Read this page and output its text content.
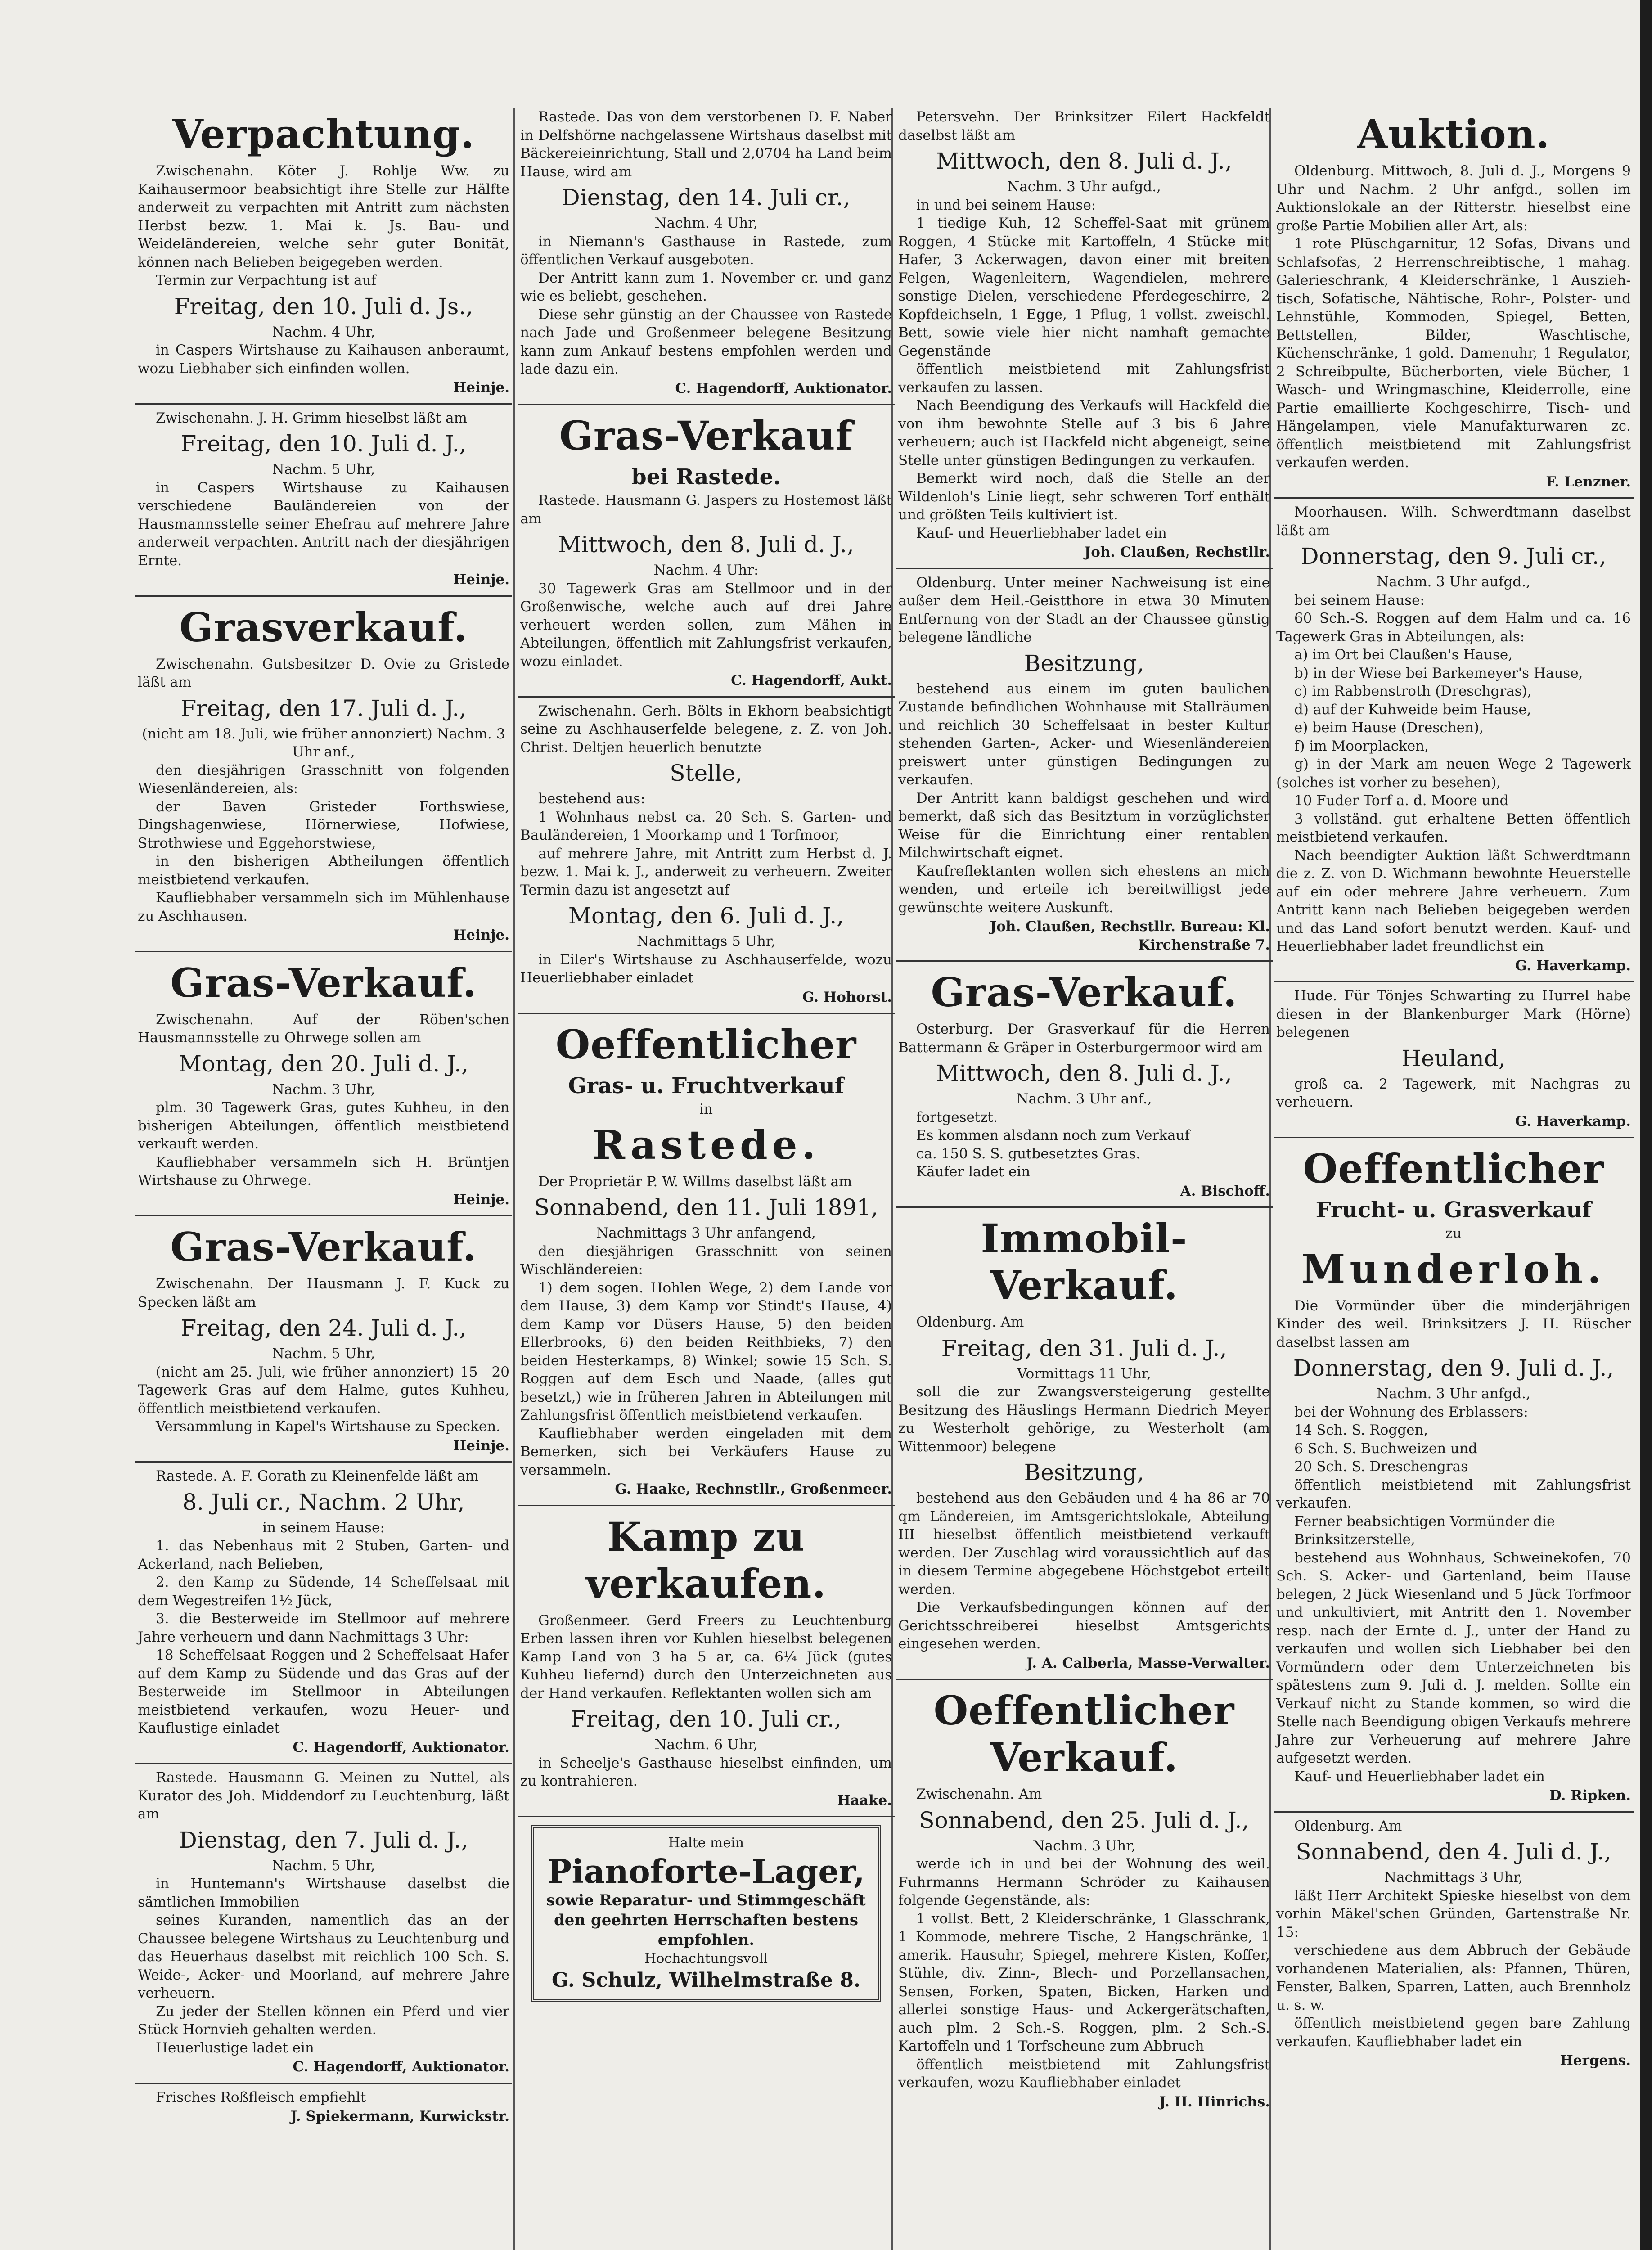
Verpachtung.

Zwischenahn. Köter J. Rohlje Ww. zu Kaihausermoor beabsichtigt ihre Stelle zur Hälfte anderweit zu verpachten mit Antritt zum nächsten Herbst bezw. 1. Mai k. Js. Bau- und Weideländereien, welche sehr guter Bonität, können nach Belieben beigegeben werden.

Termin zur Verpachtung ist auf

Freitag, den 10. Juli d. Js.,
Nachm. 4 Uhr,

in Caspers Wirtshause zu Kaihausen anberaumt, wozu Liebhaber sich einfinden wollen.

Heinje.

Zwischenahn. J. H. Grimm hieselbst läßt am

Freitag, den 10. Juli d. J.,
Nachm. 5 Uhr,

in Caspers Wirtshause zu Kaihausen verschiedene Bauländereien von der Hausmannsstelle seiner Ehefrau auf mehrere Jahre anderweit verpachten. Antritt nach der diesjährigen Ernte.

Heinje.
Grasverkauf.

Zwischenahn. Gutsbesitzer D. Ovie zu Gristede läßt am

Freitag, den 17. Juli d. J.,
(nicht am 18. Juli, wie früher annonziert) Nachm. 3 Uhr anf.,

den diesjährigen Grasschnitt von folgenden Wiesenländereien, als:

der Baven Gristeder Forthswiese, Dingshagenwiese, Hörnerwiese, Hofwiese, Strothwiese und Eggehorstwiese,

in den bisherigen Abtheilungen öffentlich meistbietend verkaufen.

Kaufliebhaber versammeln sich im Mühlenhause zu Aschhausen.

Heinje.
Gras-Verkauf.

Zwischenahn. Auf der Röben'schen Hausmannsstelle zu Ohrwege sollen am

Montag, den 20. Juli d. J.,
Nachm. 3 Uhr,

plm. 30 Tagewerk Gras, gutes Kuhheu, in den bisherigen Abteilungen, öffentlich meistbietend verkauft werden.

Kaufliebhaber versammeln sich H. Brüntjen Wirtshause zu Ohrwege.

Heinje.
Gras-Verkauf.

Zwischenahn. Der Hausmann J. F. Kuck zu Specken läßt am

Freitag, den 24. Juli d. J.,
Nachm. 5 Uhr,

(nicht am 25. Juli, wie früher annonziert) 15—20 Tagewerk Gras auf dem Halme, gutes Kuhheu, öffentlich meistbietend verkaufen.

Versammlung in Kapel's Wirtshause zu Specken.

Heinje.

Rastede. A. F. Gorath zu Kleinenfelde läßt am

8. Juli cr., Nachm. 2 Uhr,
in seinem Hause:

1. das Nebenhaus mit 2 Stuben, Garten- und Ackerland, nach Belieben,

2. den Kamp zu Südende, 14 Scheffelsaat mit dem Wegestreifen 1½ Jück,

3. die Besterweide im Stellmoor auf mehrere Jahre verheuern und dann Nachmittags 3 Uhr:

18 Scheffelsaat Roggen und 2 Scheffelsaat Hafer auf dem Kamp zu Südende und das Gras auf der Besterweide im Stellmoor in Abteilungen meistbietend verkaufen, wozu Heuer- und Kauflustige einladet

C. Hagendorff, Auktionator.

Rastede. Hausmann G. Meinen zu Nuttel, als Kurator des Joh. Middendorf zu Leuchtenburg, läßt am

Dienstag, den 7. Juli d. J.,
Nachm. 5 Uhr,

in Huntemann's Wirtshause daselbst die sämtlichen Immobilien

seines Kuranden, namentlich das an der Chaussee belegene Wirtshaus zu Leuchtenburg und das Heuerhaus daselbst mit reichlich 100 Sch. S. Weide-, Acker- und Moorland, auf mehrere Jahre verheuern.

Zu jeder der Stellen können ein Pferd und vier Stück Hornvieh gehalten werden.

Heuerlustige ladet ein

C. Hagendorff, Auktionator.

Frisches Roßfleisch empfiehlt

J. Spiekermann, Kurwickstr.

Rastede. Das von dem verstorbenen D. F. Naber in Delfshörne nachgelassene Wirtshaus daselbst mit Bäckereieinrichtung, Stall und 2,0704 ha Land beim Hause, wird am

Dienstag, den 14. Juli cr.,
Nachm. 4 Uhr,

in Niemann's Gasthause in Rastede, zum öffentlichen Verkauf ausgeboten.

Der Antritt kann zum 1. November cr. und ganz wie es beliebt, geschehen.

Diese sehr günstig an der Chaussee von Rastede nach Jade und Großenmeer belegene Besitzung kann zum Ankauf bestens empfohlen werden und lade dazu ein.

C. Hagendorff, Auktionator.
Gras-Verkauf
bei Rastede.

Rastede. Hausmann G. Jaspers zu Hostemost läßt am

Mittwoch, den 8. Juli d. J.,
Nachm. 4 Uhr:

30 Tagewerk Gras am Stellmoor und in der Großenwische, welche auch auf drei Jahre verheuert werden sollen, zum Mähen in Abteilungen, öffentlich mit Zahlungsfrist verkaufen, wozu einladet.

C. Hagendorff, Aukt.

Zwischenahn. Gerh. Bölts in Ekhorn beabsichtigt seine zu Aschhauserfelde belegene, z. Z. von Joh. Christ. Deltjen heuerlich benutzte

Stelle,

bestehend aus:

1 Wohnhaus nebst ca. 20 Sch. S. Garten- und Bauländereien, 1 Moorkamp und 1 Torfmoor,

auf mehrere Jahre, mit Antritt zum Herbst d. J. bezw. 1. Mai k. J., anderweit zu verheuern. Zweiter Termin dazu ist angesetzt auf

Montag, den 6. Juli d. J.,
Nachmittags 5 Uhr,

in Eiler's Wirtshause zu Aschhauserfelde, wozu Heuerliebhaber einladet

G. Hohorst.
Oeffentlicher
Gras- u. Fruchtverkauf
in
Rastede.

Der Proprietär P. W. Willms daselbst läßt am

Sonnabend, den 11. Juli 1891,
Nachmittags 3 Uhr anfangend,

den diesjährigen Grasschnitt von seinen Wischländereien:

1) dem sogen. Hohlen Wege, 2) dem Lande vor dem Hause, 3) dem Kamp vor Stindt's Hause, 4) dem Kamp vor Düsers Hause, 5) den beiden Ellerbrooks, 6) den beiden Reithbieks, 7) den beiden Hesterkamps, 8) Winkel; sowie 15 Sch. S. Roggen auf dem Esch und Naade, (alles gut besetzt,) wie in früheren Jahren in Abteilungen mit Zahlungsfrist öffentlich meistbietend verkaufen.

Kaufliebhaber werden eingeladen mit dem Bemerken, sich bei Verkäufers Hause zu versammeln.

G. Haake, Rechnstllr., Großenmeer.
Kamp zu verkaufen.

Großenmeer. Gerd Freers zu Leuchtenburg Erben lassen ihren vor Kuhlen hieselbst belegenen Kamp Land von 3 ha 5 ar, ca. 6¼ Jück (gutes Kuhheu liefernd) durch den Unterzeichneten aus der Hand verkaufen. Reflektanten wollen sich am

Freitag, den 10. Juli cr.,
Nachm. 6 Uhr,

in Scheelje's Gasthause hieselbst einfinden, um zu kontrahieren.

Haake.
Halte mein
Pianoforte-Lager,
sowie Reparatur- und Stimmgeschäft den geehrten Herrschaften bestens empfohlen.
Hochachtungsvoll
G. Schulz, Wilhelmstraße 8.

Petersvehn. Der Brinksitzer Eilert Hackfeldt daselbst läßt am

Mittwoch, den 8. Juli d. J.,
Nachm. 3 Uhr aufgd.,

in und bei seinem Hause:

1 tiedige Kuh, 12 Scheffel-Saat mit grünem Roggen, 4 Stücke mit Kartoffeln, 4 Stücke mit Hafer, 3 Ackerwagen, davon einer mit breiten Felgen, Wagenleitern, Wagendielen, mehrere sonstige Dielen, verschiedene Pferdegeschirre, 2 Kopfdeichseln, 1 Egge, 1 Pflug, 1 vollst. zweischl. Bett, sowie viele hier nicht namhaft gemachte Gegenstände

öffentlich meistbietend mit Zahlungsfrist verkaufen zu lassen.

Nach Beendigung des Verkaufs will Hackfeld die von ihm bewohnte Stelle auf 3 bis 6 Jahre verheuern; auch ist Hackfeld nicht abgeneigt, seine Stelle unter günstigen Bedingungen zu verkaufen.

Bemerkt wird noch, daß die Stelle an der Wildenloh's Linie liegt, sehr schweren Torf enthält und größten Teils kultiviert ist.

Kauf- und Heuerliebhaber ladet ein

Joh. Claußen, Rechstllr.

Oldenburg. Unter meiner Nachweisung ist eine außer dem Heil.-Geistthore in etwa 30 Minuten Entfernung von der Stadt an der Chaussee günstig belegene ländliche

Besitzung,

bestehend aus einem im guten baulichen Zustande befindlichen Wohnhause mit Stallräumen und reichlich 30 Scheffelsaat in bester Kultur stehenden Garten-, Acker- und Wiesenländereien preiswert unter günstigen Bedingungen zu verkaufen.

Der Antritt kann baldigst geschehen und wird bemerkt, daß sich das Besitztum in vorzüglichster Weise für die Einrichtung einer rentablen Milchwirtschaft eignet.

Kaufreflektanten wollen sich ehestens an mich wenden, und erteile ich bereitwilligst jede gewünschte weitere Auskunft.

Joh. Claußen, Rechstllr. Bureau: Kl. Kirchenstraße 7.
Gras-Verkauf.

Osterburg. Der Grasverkauf für die Herren Battermann & Gräper in Osterburgermoor wird am

Mittwoch, den 8. Juli d. J.,
Nachm. 3 Uhr anf.,

fortgesetzt.

Es kommen alsdann noch zum Verkauf

ca. 150 S. S. gutbesetztes Gras.

Käufer ladet ein

A. Bischoff.
Immobil-Verkauf.

Oldenburg. Am

Freitag, den 31. Juli d. J.,
Vormittags 11 Uhr,

soll die zur Zwangsversteigerung gestellte Besitzung des Häuslings Hermann Diedrich Meyer zu Westerholt gehörige, zu Westerholt (am Wittenmoor) belegene

Besitzung,

bestehend aus den Gebäuden und 4 ha 86 ar 70 qm Ländereien, im Amtsgerichtslokale, Abteilung III hieselbst öffentlich meistbietend verkauft werden. Der Zuschlag wird voraussichtlich auf das in diesem Termine abgegebene Höchstgebot erteilt werden.

Die Verkaufsbedingungen können auf der Gerichtsschreiberei hieselbst Amtsgerichts eingesehen werden.

J. A. Calberla, Masse-Verwalter.
Oeffentlicher Verkauf.

Zwischenahn. Am

Sonnabend, den 25. Juli d. J.,
Nachm. 3 Uhr,

werde ich in und bei der Wohnung des weil. Fuhrmanns Hermann Schröder zu Kaihausen folgende Gegenstände, als:

1 vollst. Bett, 2 Kleiderschränke, 1 Glasschrank, 1 Kommode, mehrere Tische, 2 Hangschränke, 1 amerik. Hausuhr, Spiegel, mehrere Kisten, Koffer, Stühle, div. Zinn-, Blech- und Porzellansachen, Sensen, Forken, Spaten, Bicken, Harken und allerlei sonstige Haus- und Ackergerätschaften, auch plm. 2 Sch.-S. Roggen, plm. 2 Sch.-S. Kartoffeln und 1 Torfscheune zum Abbruch

öffentlich meistbietend mit Zahlungsfrist verkaufen, wozu Kaufliebhaber einladet

J. H. Hinrichs.
Auktion.

Oldenburg. Mittwoch, 8. Juli d. J., Morgens 9 Uhr und Nachm. 2 Uhr anfgd., sollen im Auktionslokale an der Ritterstr. hieselbst eine große Partie Mobilien aller Art, als:

1 rote Plüschgarnitur, 12 Sofas, Divans und Schlafsofas, 2 Herrenschreibtische, 1 mahag. Galerieschrank, 4 Kleiderschränke, 1 Auszieh-tisch, Sofatische, Nähtische, Rohr-, Polster- und Lehnstühle, Kommoden, Spiegel, Betten, Bettstellen, Bilder, Waschtische, Küchenschränke, 1 gold. Damenuhr, 1 Regulator, 2 Schreibpulte, Bücherborten, viele Bücher, 1 Wasch- und Wringmaschine, Kleiderrolle, eine Partie emaillierte Kochgeschirre, Tisch- und Hängelampen, viele Manufakturwaren zc. öffentlich meistbietend mit Zahlungsfrist verkaufen werden.

F. Lenzner.

Moorhausen. Wilh. Schwerdtmann daselbst läßt am

Donnerstag, den 9. Juli cr.,
Nachm. 3 Uhr aufgd.,

bei seinem Hause:

60 Sch.-S. Roggen auf dem Halm und ca. 16 Tagewerk Gras in Abteilungen, als:

a) im Ort bei Claußen's Hause,

b) in der Wiese bei Barkemeyer's Hause,

c) im Rabbenstroth (Dreschgras),

d) auf der Kuhweide beim Hause,

e) beim Hause (Dreschen),

f) im Moorplacken,

g) in der Mark am neuen Wege 2 Tagewerk (solches ist vorher zu besehen),

10 Fuder Torf a. d. Moore und

3 vollständ. gut erhaltene Betten öffentlich meistbietend verkaufen.

Nach beendigter Auktion läßt Schwerdtmann die z. Z. von D. Wichmann bewohnte Heuerstelle auf ein oder mehrere Jahre verheuern. Zum Antritt kann nach Belieben beigegeben werden und das Land sofort benutzt werden. Kauf- und Heuerliebhaber ladet freundlichst ein

G. Haverkamp.

Hude. Für Tönjes Schwarting zu Hurrel habe diesen in der Blankenburger Mark (Hörne) belegenen

Heuland,

groß ca. 2 Tagewerk, mit Nachgras zu verheuern.

G. Haverkamp.
Oeffentlicher
Frucht- u. Grasverkauf
zu
Munderloh.

Die Vormünder über die minderjährigen Kinder des weil. Brinksitzers J. H. Rüscher daselbst lassen am

Donnerstag, den 9. Juli d. J.,
Nachm. 3 Uhr anfgd.,

bei der Wohnung des Erblassers:

14 Sch. S. Roggen,

6 Sch. S. Buchweizen und

20 Sch. S. Dreschengras

öffentlich meistbietend mit Zahlungsfrist verkaufen.

Ferner beabsichtigen Vormünder die

Brinksitzerstelle,

bestehend aus Wohnhaus, Schweinekofen, 70 Sch. S. Acker- und Gartenland, beim Hause belegen, 2 Jück Wiesenland und 5 Jück Torfmoor und unkultiviert, mit Antritt den 1. November resp. nach der Ernte d. J., unter der Hand zu verkaufen und wollen sich Liebhaber bei den Vormündern oder dem Unterzeichneten bis spätestens zum 9. Juli d. J. melden. Sollte ein Verkauf nicht zu Stande kommen, so wird die Stelle nach Beendigung obigen Verkaufs mehrere Jahre zur Verheuerung auf mehrere Jahre aufgesetzt werden.

Kauf- und Heuerliebhaber ladet ein

D. Ripken.

Oldenburg. Am

Sonnabend, den 4. Juli d. J.,
Nachmittags 3 Uhr,

läßt Herr Architekt Spieske hieselbst von dem vorhin Mäkel'schen Gründen, Gartenstraße Nr. 15:

verschiedene aus dem Abbruch der Gebäude vorhandenen Materialien, als: Pfannen, Thüren, Fenster, Balken, Sparren, Latten, auch Brennholz u. s. w.

öffentlich meistbietend gegen bare Zahlung verkaufen. Kaufliebhaber ladet ein

Hergens.
